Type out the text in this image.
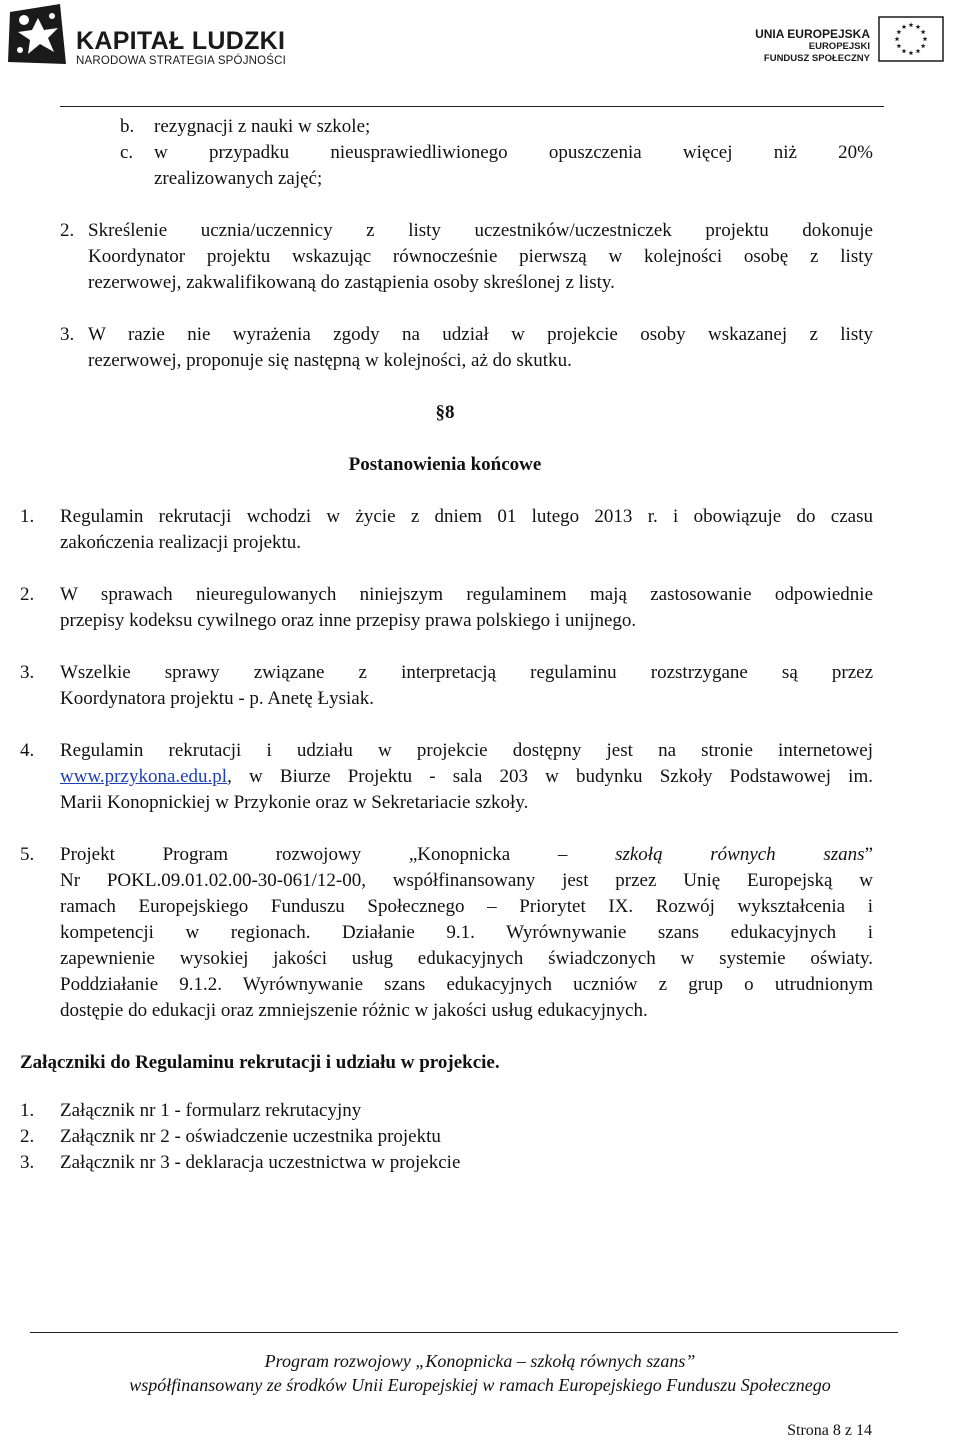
KAPITAŁ LUDZKI
NARODOWA STRATEGIA SPÓJNOŚCI
UNIA EUROPEJSKA
EUROPEJSKI
FUNDUSZ SPOŁECZNY
b. rezygnacji z nauki w szkole;
c. w przypadku nieusprawiedliwionego opuszczenia więcej niż 20%
zrealizowanych zajęć;
2. Skreślenie ucznia/uczennicy z listy uczestników/uczestniczek projektu dokonuje
Koordynator projektu wskazując równocześnie pierwszą w kolejności osobę z listy
rezerwowej, zakwalifikowaną do zastąpienia osoby skreślonej z listy.
3. W razie nie wyrażenia zgody na udział w projekcie osoby wskazanej z listy
rezerwowej, proponuje się następną w kolejności, aż do skutku.
§8
Postanowienia końcowe
1. Regulamin rekrutacji wchodzi w życie z dniem 01 lutego 2013 r. i obowiązuje do czasu
zakończenia realizacji projektu.
2. W sprawach nieuregulowanych niniejszym regulaminem mają zastosowanie odpowiednie
przepisy kodeksu cywilnego oraz inne przepisy prawa polskiego i unijnego.
3. Wszelkie sprawy związane z interpretacją regulaminu rozstrzygane są przez
Koordynatora projektu - p. Anetę Łysiak.
4. Regulamin rekrutacji i udziału w projekcie dostępny jest na stronie internetowej
www.przykona.edu.pl, w Biurze Projektu - sala 203 w budynku Szkoły Podstawowej im.
Marii Konopnickiej w Przykonie oraz w Sekretariacie szkoły.
5. Projekt Program rozwojowy „Konopnicka – szkołą równych szans”
Nr POKL.09.01.02.00-30-061/12-00, współfinansowany jest przez Unię Europejską w
ramach Europejskiego Funduszu Społecznego – Priorytet IX. Rozwój wykształcenia i
kompetencji w regionach. Działanie 9.1. Wyrównywanie szans edukacyjnych i
zapewnienie wysokiej jakości usług edukacyjnych świadczonych w systemie oświaty.
Poddziałanie 9.1.2. Wyrównywanie szans edukacyjnych uczniów z grup o utrudnionym
dostępie do edukacji oraz zmniejszenie różnic w jakości usług edukacyjnych.
Załączniki do Regulaminu rekrutacji i udziału w projekcie.
1. Załącznik nr 1 - formularz rekrutacyjny
2. Załącznik nr 2 - oświadczenie uczestnika projektu
3. Załącznik nr 3 - deklaracja uczestnictwa w projekcie
Program rozwojowy „Konopnicka – szkołą równych szans”
współfinansowany ze środków Unii Europejskiej w ramach Europejskiego Funduszu Społecznego
Strona 8 z 14
